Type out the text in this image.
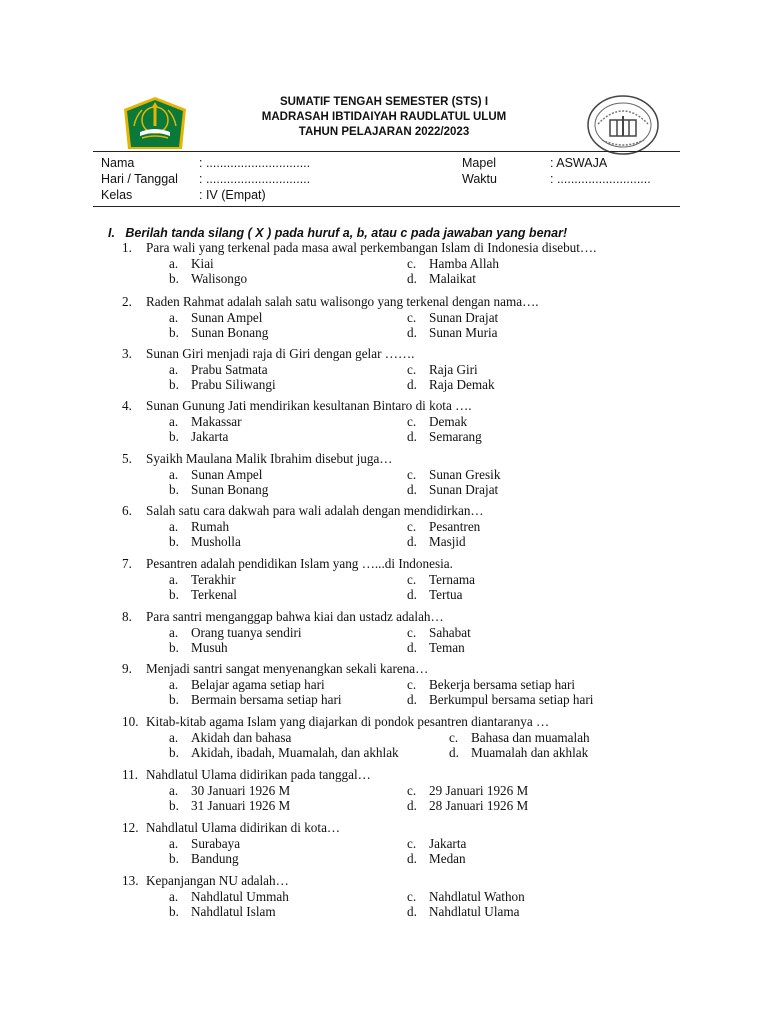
SUMATIF TENGAH SEMESTER (STS) I
MADRASAH IBTIDAIYAH RAUDLATUL ULUM
TAHUN PELAJARAN 2022/2023
Nama	: ..............................
Hari / Tanggal : ..............................
Kelas	: IV (Empat)
Mapel	: ASWAJA
Waktu	: ...........................
I. Berilah tanda silang ( X ) pada huruf a, b, atau c pada jawaban yang benar!
1. Para wali yang terkenal pada masa awal perkembangan Islam di Indonesia disebut….
a. Kiai	c. Hamba Allah
b. Walisongo	d. Malaikat
2. Raden Rahmat adalah salah satu walisongo yang terkenal dengan nama….
a. Sunan Ampel	c. Sunan Drajat
b. Sunan Bonang	d. Sunan Muria
3. Sunan Giri menjadi raja di Giri dengan gelar …….
a. Prabu Satmata	c. Raja Giri
b. Prabu Siliwangi	d. Raja Demak
4. Sunan Gunung Jati mendirikan kesultanan Bintaro di kota ….
a. Makassar	c. Demak
b. Jakarta	d. Semarang
5. Syaikh Maulana Malik Ibrahim disebut juga…
a. Sunan Ampel	c. Sunan Gresik
b. Sunan Bonang	d. Sunan Drajat
6. Salah satu cara dakwah para wali adalah dengan mendidirkan…
a. Rumah	c. Pesantren
b. Musholla	d. Masjid
7. Pesantren adalah pendidikan Islam yang …...di Indonesia.
a. Terakhir	c. Ternama
b. Terkenal	d. Tertua
8. Para santri menganggap bahwa kiai dan ustadz adalah…
a. Orang tuanya sendiri	c. Sahabat
b. Musuh	d. Teman
9. Menjadi santri sangat menyenangkan sekali karena…
a. Belajar agama setiap hari	c. Bekerja bersama setiap hari
b. Bermain bersama setiap hari	d. Berkumpul bersama setiap hari
10. Kitab-kitab agama Islam yang diajarkan di pondok pesantren diantaranya …
a. Akidah dan bahasa	c. Bahasa dan muamalah
b. Akidah, ibadah, Muamalah, dan akhlak	d. Muamalah dan akhlak
11. Nahdlatul Ulama didirikan pada tanggal…
a. 30 Januari 1926 M	c. 29 Januari 1926 M
b. 31 Januari 1926 M	d. 28 Januari 1926 M
12. Nahdlatul Ulama didirikan di kota…
a. Surabaya	c. Jakarta
b. Bandung	d. Medan
13. Kepanjangan NU adalah…
a. Nahdlatul Ummah	c. Nahdlatul Wathon
b. Nahdlatul Islam	d. Nahdlatul Ulama
